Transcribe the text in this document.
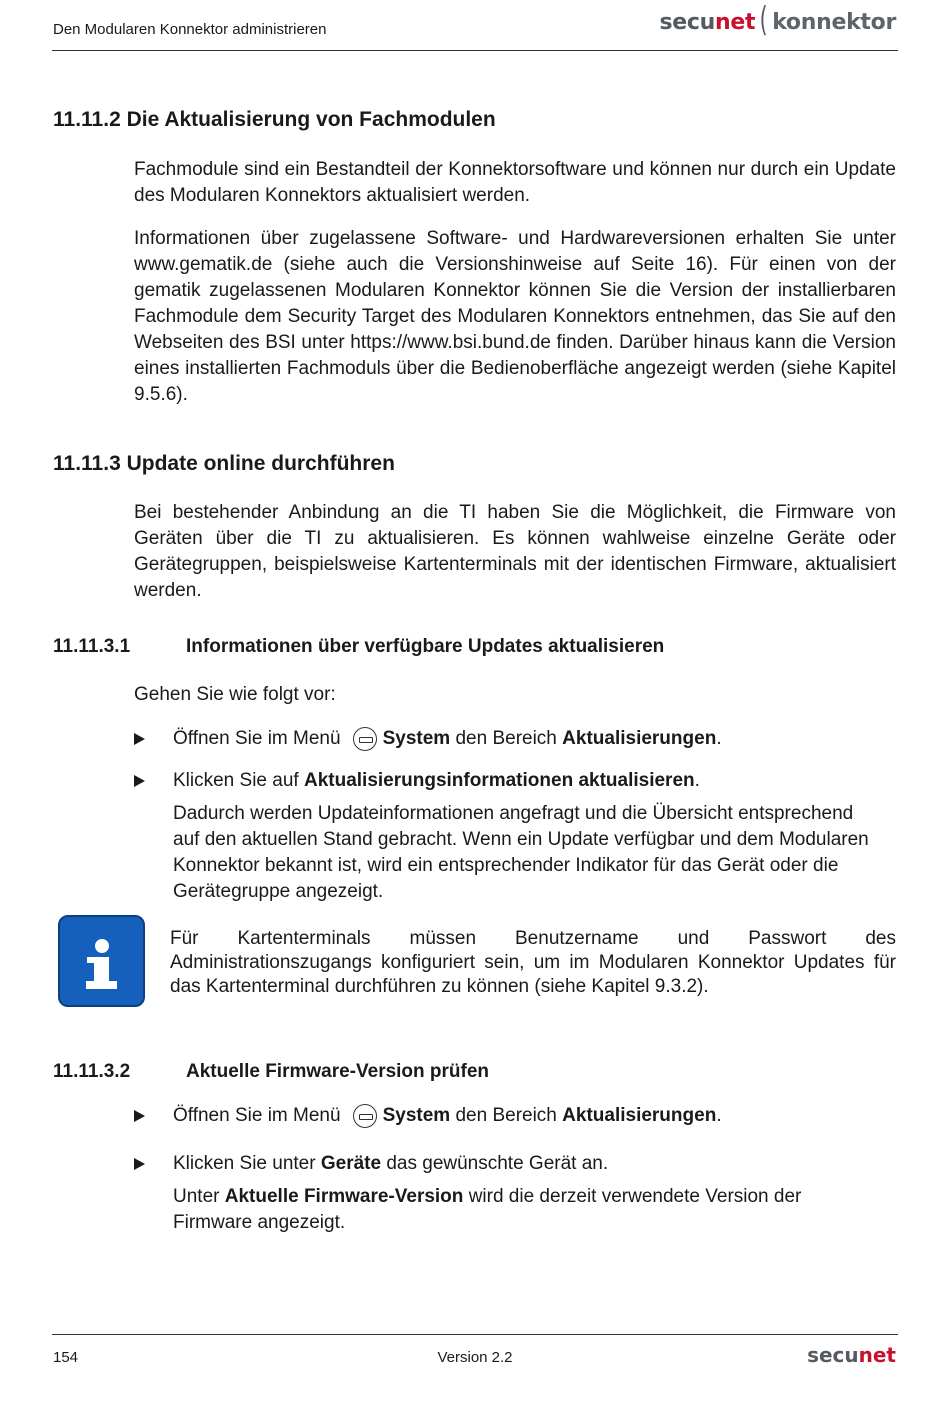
Den Modularen Konnektor administrieren	secu net ( konnektor
11.11.2 Die Aktualisierung von Fachmodulen

Fachmodule sind ein Bestandteil der Konnektorsoftware und können nur durch ein Update des Modularen Konnektors aktualisiert werden.

Informationen über zugelassene Software- und Hardwareversionen erhalten Sie unter www.gematik.de (siehe auch die Versionshinweise auf Seite 16). Für einen von der gematik zugelassenen Modularen Konnektor können Sie die Version der installierbaren Fachmodule dem Security Target des Modularen Konnektors entnehmen, das Sie auf den Webseiten des BSI unter https://www.bsi.bund.de finden. Darüber hinaus kann die Version eines installierten Fachmoduls über die Bedienoberfläche angezeigt werden (siehe Kapitel 9.5.6).

11.11.3 Update online durchführen

Bei bestehender Anbindung an die TI haben Sie die Möglichkeit, die Firmware von Geräten über die TI zu aktualisieren. Es können wahlweise einzelne Geräte oder Gerätegruppen, beispielsweise Kartenterminals mit der identischen Firmware, aktualisiert werden.

11.11.3.1	Informationen über verfügbare Updates aktualisieren

Gehen Sie wie folgt vor:

Öffnen Sie im Menü System
den Bereich
Aktualisierungen .
Klicken Sie auf
Aktualisierungsinformationen aktualisieren .

Dadurch werden Updateinformationen angefragt und die Übersicht entsprechend auf den aktuellen Stand gebracht. Wenn ein Update verfügbar und dem Modularen Konnektor bekannt ist, wird ein entsprechender Indikator für das Gerät oder die Gerätegruppe angezeigt.

Für Kartenterminals müssen Benutzername und Passwort des Administrationszugangs konfiguriert sein, um im Modularen Konnektor Updates für das Kartenterminal durchführen zu können (siehe Kapitel 9.3.2).

11.11.3.2	Aktuelle Firmware-Version prüfen
Öffnen Sie im Menü System
den Bereich
Aktualisierungen .
Klicken Sie unter
Geräte
das gewünschte Gerät an.

Unter Aktuelle Firmware-Version wird die derzeit verwendete Version der Firmware angezeigt.

154	Version 2.2	secunet
